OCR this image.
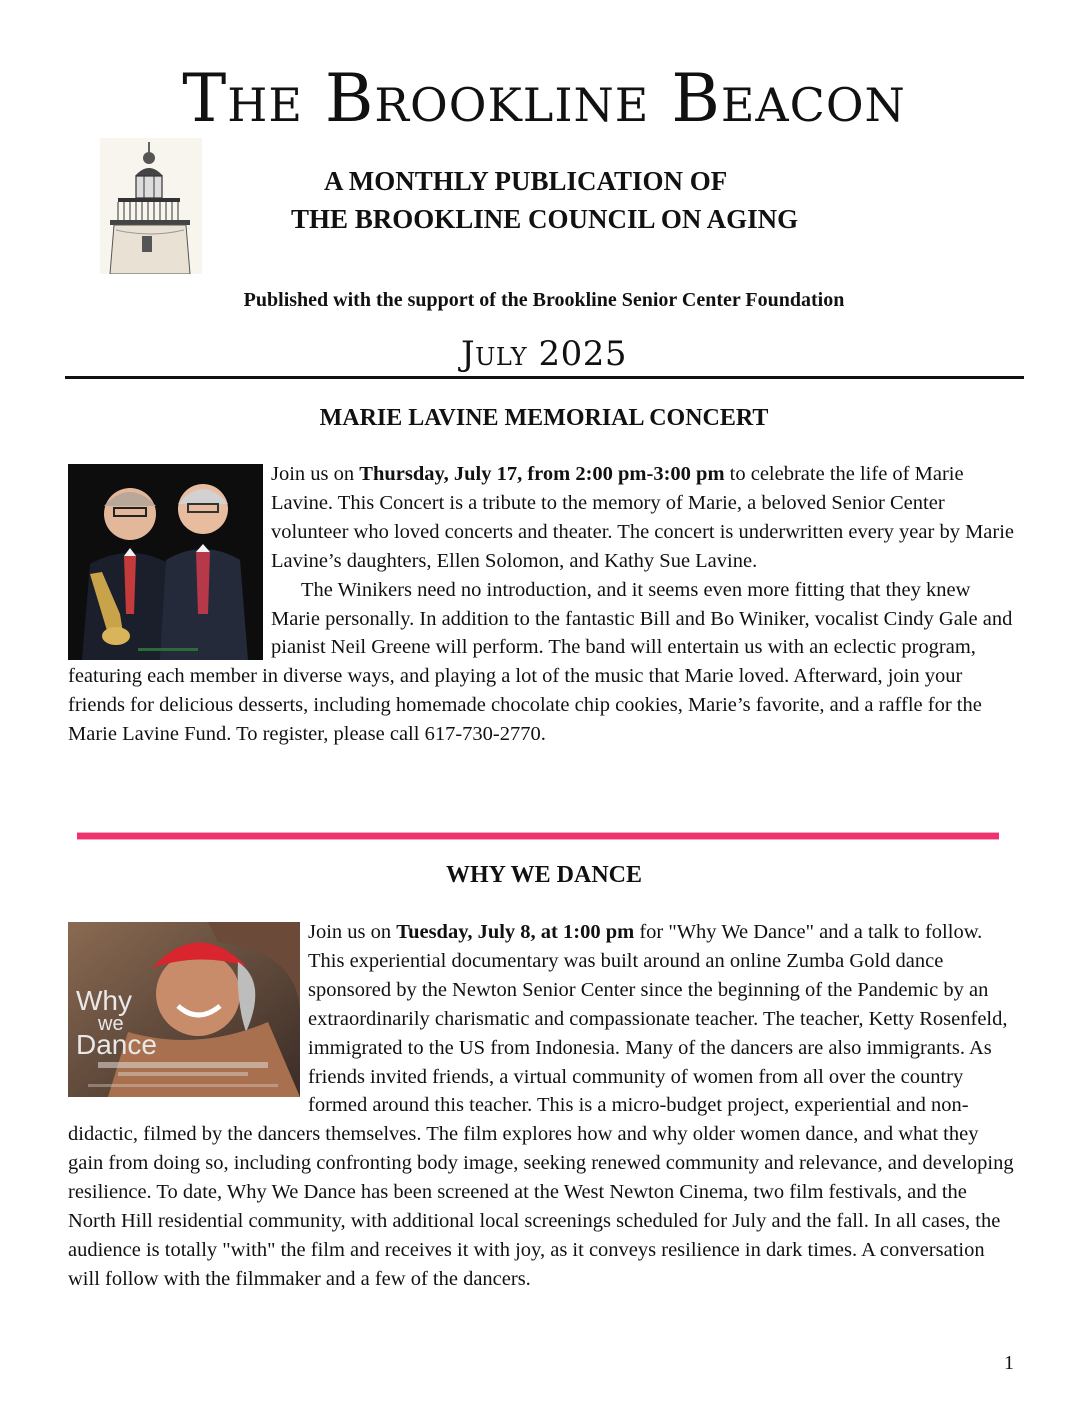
The Brookline Beacon
A MONTHLY PUBLICATION OF
THE BROOKLINE COUNCIL ON AGING
Published with the support of the Brookline Senior Center Foundation
July 2025
MARIE LAVINE MEMORIAL CONCERT

Join us on Thursday, July 17, from 2:00 pm-3:00 pm to celebrate the life of Marie Lavine. This Concert is a tribute to the memory of Marie, a beloved Senior Center volunteer who loved concerts and theater. The concert is underwritten every year by Marie Lavine’s daughters, Ellen Solomon, and Kathy Sue Lavine.

The Winikers need no introduction, and it seems even more fitting that they knew Marie personally. In addition to the fantastic Bill and Bo Winiker, vocalist Cindy Gale and pianist Neil Greene will perform. The band will entertain us with an eclectic program, featuring each member in diverse ways, and playing a lot of the music that Marie loved. Afterward, join your friends for delicious desserts, including homemade chocolate chip cookies, Marie’s favorite, and a raffle for the Marie Lavine Fund. To register, please call 617-730-2770.

WHY WE DANCE
Why
we
Dance

Join us on Tuesday, July 8, at 1:00 pm for "Why We Dance" and a talk to follow. This experiential documentary was built around an online Zumba Gold dance sponsored by the Newton Senior Center since the beginning of the Pandemic by an extraordinarily charismatic and compassionate teacher. The teacher, Ketty Rosenfeld, immigrated to the US from Indonesia. Many of the dancers are also immigrants. As friends invited friends, a virtual community of women from all over the country formed around this teacher. This is a micro-budget project, experiential and non-didactic, filmed by the dancers themselves. The film explores how and why older women dance, and what they gain from doing so, including confronting body image, seeking renewed community and relevance, and developing resilience. To date, Why We Dance has been screened at the West Newton Cinema, two film festivals, and the North Hill residential community, with additional local screenings scheduled for July and the fall. In all cases, the audience is totally "with" the film and receives it with joy, as it conveys resilience in dark times. A conversation will follow with the filmmaker and a few of the dancers.

1
